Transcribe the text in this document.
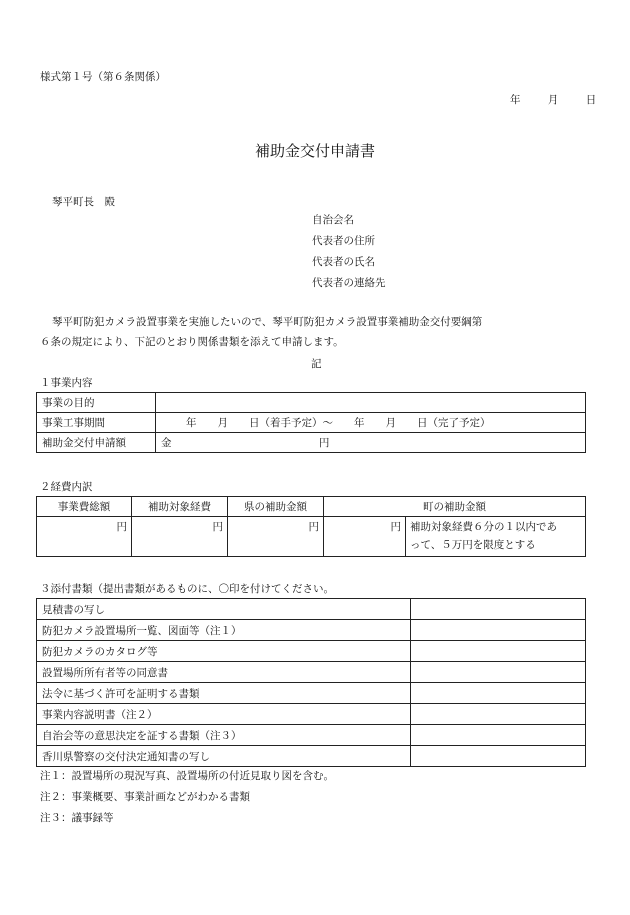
様式第１号（第６条関係）
年	月	日
補助金交付申請書
琴平町長　殿
自治会名
代表者の住所
代表者の氏名
代表者の連絡先
琴平町防犯カメラ設置事業を実施したいので、琴平町防犯カメラ設置事業補助金交付要綱第
６条の規定により、下記のとおり関係書類を添えて申請します。
記
１事業内容
事業の目的	
事業工事期間	年　　月　　日（着手予定）〜　　年　　月　　日（完了予定）
補助金交付申請額	金 円
２経費内訳
事業費総額	補助対象経費	県の補助金額	町の補助金額	
円	円	円	円	補助対象経費６分の１以内であ
って、５万円を限度とする
３添付書類（提出書類があるものに、〇印を付けてください。
見積書の写し	
防犯カメラ設置場所一覧、図面等（注１）	
防犯カメラのカタログ等	
設置場所所有者等の同意書	
法令に基づく許可を証明する書類	
事業内容説明書（注２）	
自治会等の意思決定を証する書類（注３）	
香川県警察の交付決定通知書の写し	
注１：設置場所の現況写真、設置場所の付近見取り図を含む。
注２：事業概要、事業計画などがわかる書類
注３：議事録等
